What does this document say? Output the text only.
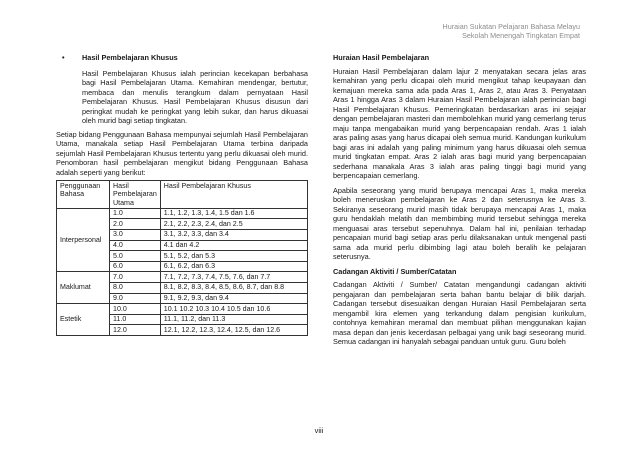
Huraian Sukatan Pelajaran Bahasa Melayu
Sekolah Menengah Tingkatan Empat
•	Hasil Pembelajaran Khusus
Hasil Pembelajaran Khusus ialah perincian kecekapan berbahasa bagi Hasil Pembelajaran Utama. Kemahiran mendengar, bertutur, membaca dan menulis terangkum dalam pernyataan Hasil Pembelajaran Khusus. Hasil Pembelajaran Khusus disusun dari peringkat mudah ke peringkat yang lebih sukar, dan harus dikuasai oleh murid bagi setiap tingkatan.
Setiap bidang Penggunaan Bahasa mempunyai sejumlah Hasil Pembelajaran Utama, manakala setiap Hasil Pembelajaran Utama terbina daripada sejumlah Hasil Pembelajaran Khusus tertentu yang perlu dikuasai oleh murid. Penomboran hasil pembelajaran mengikut bidang Penggunaan Bahasa adalah seperti yang berikut:
Penggunaan Bahasa	Hasil Pembelajaran Utama	Hasil Pembelajaran Khusus
Interpersonal	1.0	1.1, 1.2, 1.3, 1.4, 1.5 dan 1.6
	2.0	2.1, 2.2, 2.3, 2.4, dan 2.5
	3.0	3.1, 3.2, 3.3, dan 3.4
	4.0	4.1 dan 4.2
	5.0	5.1, 5.2, dan 5.3
	6.0	6.1, 6.2, dan 6.3
Maklumat	7.0	7.1, 7.2, 7.3, 7.4, 7.5, 7.6, dan 7.7
	8.0	8.1, 8.2, 8.3, 8.4, 8.5, 8.6, 8.7, dan 8.8
	9.0	9.1, 9.2, 9.3, dan 9.4
Estetik	10.0	10.1 10.2 10.3 10.4 10.5 dan 10.6
	11.0	11.1, 11.2, dan 11.3
	12.0	12.1, 12.2, 12.3, 12.4, 12.5, dan 12.6
Huraian Hasil Pembelajaran
Huraian Hasil Pembelajaran dalam lajur 2 menyatakan secara jelas aras kemahiran yang perlu dicapai oleh murid mengikut tahap keupayaan dan kemajuan mereka sama ada pada Aras 1, Aras 2, atau Aras 3. Penyataan Aras 1 hingga Aras 3 dalam Huraian Hasil Pembelajaran ialah perincian bagi Hasil Pembelajaran Khusus. Pemeringkatan berdasarkan aras ini sejajar dengan pembelajaran masteri dan membolehkan murid yang cemerlang terus maju tanpa mengabaikan murid yang berpencapaian rendah. Aras 1 ialah aras paling asas yang harus dicapai oleh semua murid. Kandungan kurikulum bagi aras ini adalah yang paling minimum yang harus dikuasai oleh semua murid tingkatan empat. Aras 2 ialah aras bagi murid yang berpencapaian sederhana manakala Aras 3 ialah aras paling tinggi bagi murid yang berpencapaian cemerlang.
Apabila seseorang yang murid berupaya mencapai Aras 1, maka mereka boleh meneruskan pembelajaran ke Aras 2 dan seterusnya ke Aras 3. Sekiranya seseorang murid masih tidak berupaya mencapai Aras 1, maka guru hendaklah melatih dan membimbing murid tersebut sehingga mereka menguasai aras tersebut sepenuhnya. Dalam hal ini, penilaian terhadap pencapaian murid bagi setiap aras perlu dilaksanakan untuk mengenal pasti sama ada murid perlu dibimbing lagi atau boleh beralih ke pelajaran seterusnya.
Cadangan Aktiviti / Sumber/Catatan
Cadangan Aktiviti / Sumber/ Catatan mengandungi cadangan aktiviti pengajaran dan pembelajaran serta bahan bantu belajar di bilik darjah. Cadangan tersebut disesuaikan dengan Huraian Hasil Pembelajaran serta mengambil kira elemen yang terkandung dalam pengisian kurikulum, contohnya kemahiran meramal dan membuat pilihan menggunakan kajian masa depan dan jenis kecerdasan pelbagai yang unik bagi seseorang murid. Semua cadangan ini hanyalah sebagai panduan untuk guru. Guru boleh
viii
